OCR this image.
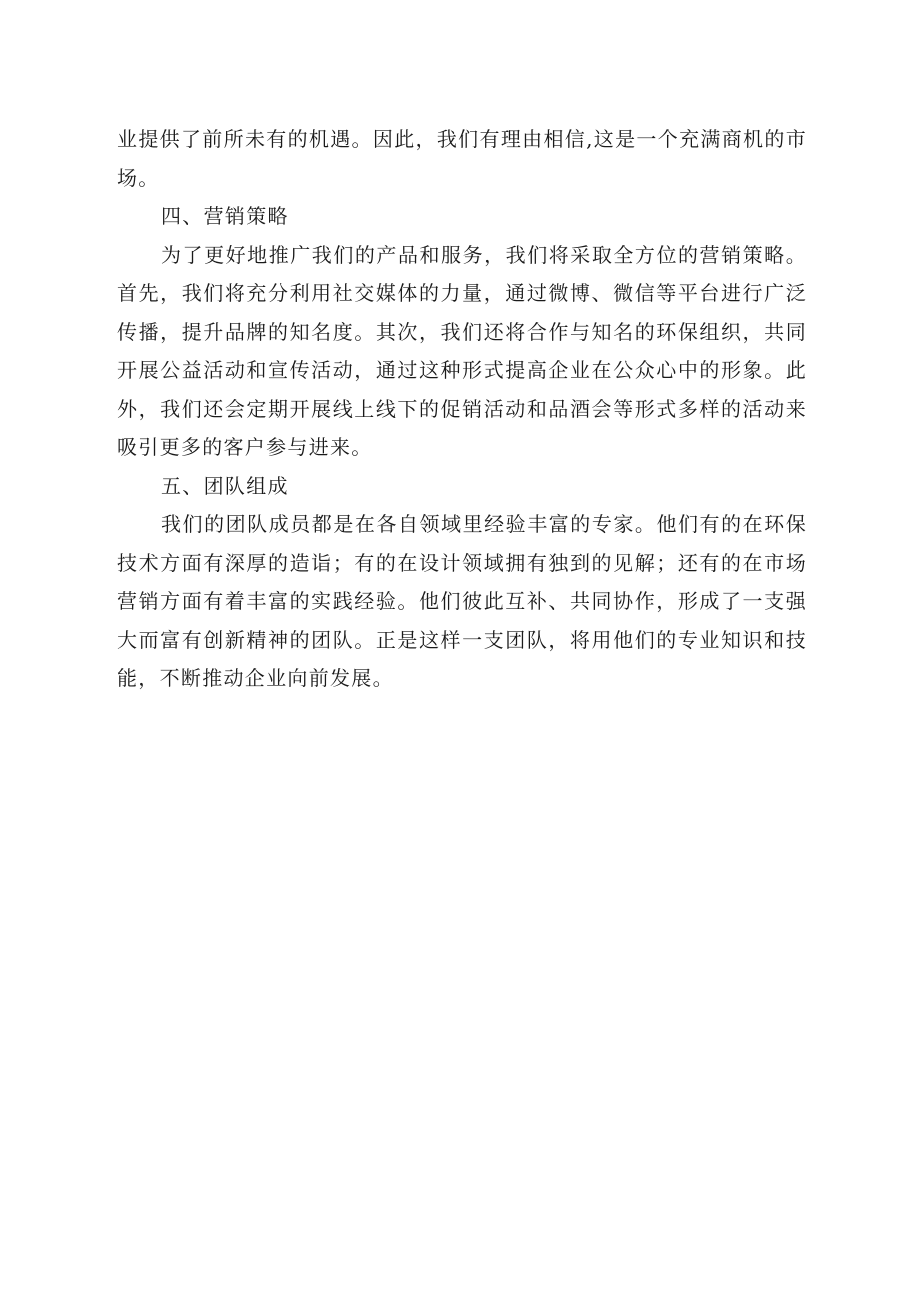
业提供了前所未有的机遇。因此，我们有理由相信,这是一个充满商机的市场。

四、营销策略

为了更好地推广我们的产品和服务，我们将采取全方位的营销策略。首先，我们将充分利用社交媒体的力量，通过微博、微信等平台进行广泛传播，提升品牌的知名度。其次，我们还将合作与知名的环保组织，共同开展公益活动和宣传活动，通过这种形式提高企业在公众心中的形象。此外，我们还会定期开展线上线下的促销活动和品酒会等形式多样的活动来吸引更多的客户参与进来。

五、团队组成

我们的团队成员都是在各自领域里经验丰富的专家。他们有的在环保技术方面有深厚的造诣；有的在设计领域拥有独到的见解；还有的在市场营销方面有着丰富的实践经验。他们彼此互补、共同协作，形成了一支强大而富有创新精神的团队。正是这样一支团队，将用他们的专业知识和技能，不断推动企业向前发展。
